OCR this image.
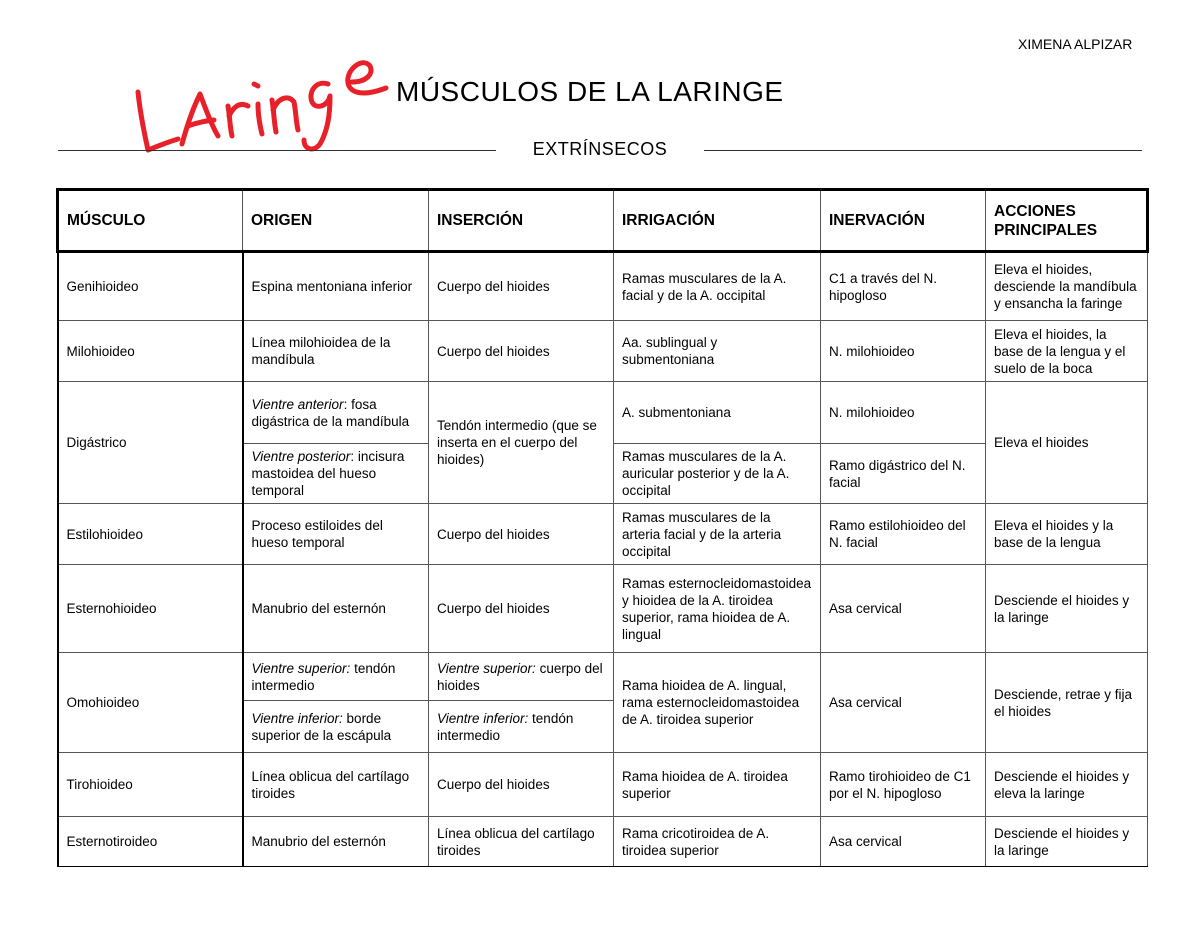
XIMENA ALPIZAR
MÚSCULOS DE LA LARINGE
EXTRÍNSECOS
MÚSCULO	ORIGEN	INSERCIÓN	IRRIGACIÓN	INERVACIÓN	ACCIONES PRINCIPALES
Genihioideo	Espina mentoniana inferior	Cuerpo del hioides	Ramas musculares de la A. facial y de la A. occipital	C1 a través del N. hipogloso	Eleva el hioides, desciende la mandíbula y ensancha la faringe
Milohioideo	Línea milohioidea de la mandíbula	Cuerpo del hioides	Aa. sublingual y submentoniana	N. milohioideo	Eleva el hioides, la base de la lengua y el suelo de la boca
Digástrico	Vientre anterior: fosa digástrica de la mandíbula	Tendón intermedio (que se inserta en el cuerpo del hioides)	A. submentoniana	N. milohioideo	Eleva el hioides
	Vientre posterior: incisura mastoidea del hueso temporal		Ramas musculares de la A. auricular posterior y de la A. occipital	Ramo digástrico del N. facial	
Estilohioideo	Proceso estiloides del hueso temporal	Cuerpo del hioides	Ramas musculares de la arteria facial y de la arteria occipital	Ramo estilohioideo del N. facial	Eleva el hioides y la base de la lengua
Esternohioideo	Manubrio del esternón	Cuerpo del hioides	Ramas esternocleidomastoidea y hioidea de la A. tiroidea superior, rama hioidea de A. lingual	Asa cervical	Desciende el hioides y la laringe
Omohioideo	Vientre superior: tendón intermedio	Vientre superior: cuerpo del hioides	Rama hioidea de A. lingual, rama esternocleidomastoidea de A. tiroidea superior	Asa cervical	Desciende, retrae y fija el hioides
	Vientre inferior: borde superior de la escápula	Vientre inferior: tendón intermedio			
Tirohioideo	Línea oblicua del cartílago tiroides	Cuerpo del hioides	Rama hioidea de A. tiroidea superior	Ramo tirohioideo de C1 por el N. hipogloso	Desciende el hioides y eleva la laringe
Esternotiroideo	Manubrio del esternón	Línea oblicua del cartílago tiroides	Rama cricotiroidea de A. tiroidea superior	Asa cervical	Desciende el hioides y la laringe
